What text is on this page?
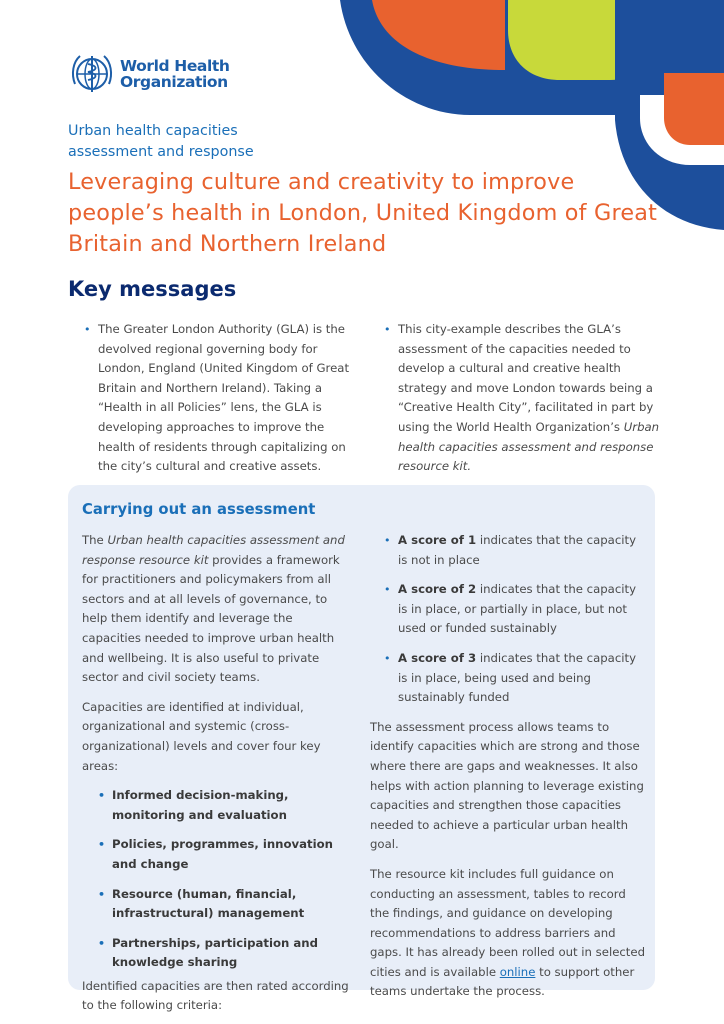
World Health
Organization
Urban health capacities
assessment and response
Leveraging culture and creativity to improve people’s health in London, United Kingdom of Great Britain and Northern Ireland
Key messages
• The Greater London Authority (GLA) is the devolved regional governing body for London, England (United Kingdom of Great Britain and Northern Ireland). Taking a “Health in all Policies” lens, the GLA is developing approaches to improve the health of residents through capitalizing on the city’s cultural and creative assets.
• This city-example describes the GLA’s assessment of the capacities needed to develop a cultural and creative health strategy and move London towards being a “Creative Health City”, facilitated in part by using the World Health Organization’s Urban health capacities assessment and response resource kit.
Carrying out an assessment

The Urban health capacities assessment and response resource kit provides a framework for practitioners and policymakers from all sectors and at all levels of governance, to help them identify and leverage the capacities needed to improve urban health and wellbeing. It is also useful to private sector and civil society teams.

Capacities are identified at individual, organizational and systemic (cross-organizational) levels and cover four key areas:

• Informed decision-making, monitoring and evaluation
• Policies, programmes, innovation and change
• Resource (human, financial, infrastructural) management
• Partnerships, participation and knowledge sharing

Identified capacities are then rated according to the following criteria:

• A score of 1 indicates that the capacity is not in place
• A score of 2 indicates that the capacity is in place, or partially in place, but not used or funded sustainably
• A score of 3 indicates that the capacity is in place, being used and being sustainably funded

The assessment process allows teams to identify capacities which are strong and those where there are gaps and weaknesses. It also helps with action planning to leverage existing capacities and strengthen those capacities needed to achieve a particular urban health goal.

The resource kit includes full guidance on conducting an assessment, tables to record the findings, and guidance on developing recommendations to address barriers and gaps. It has already been rolled out in selected cities and is available online to support other teams undertake the process.
